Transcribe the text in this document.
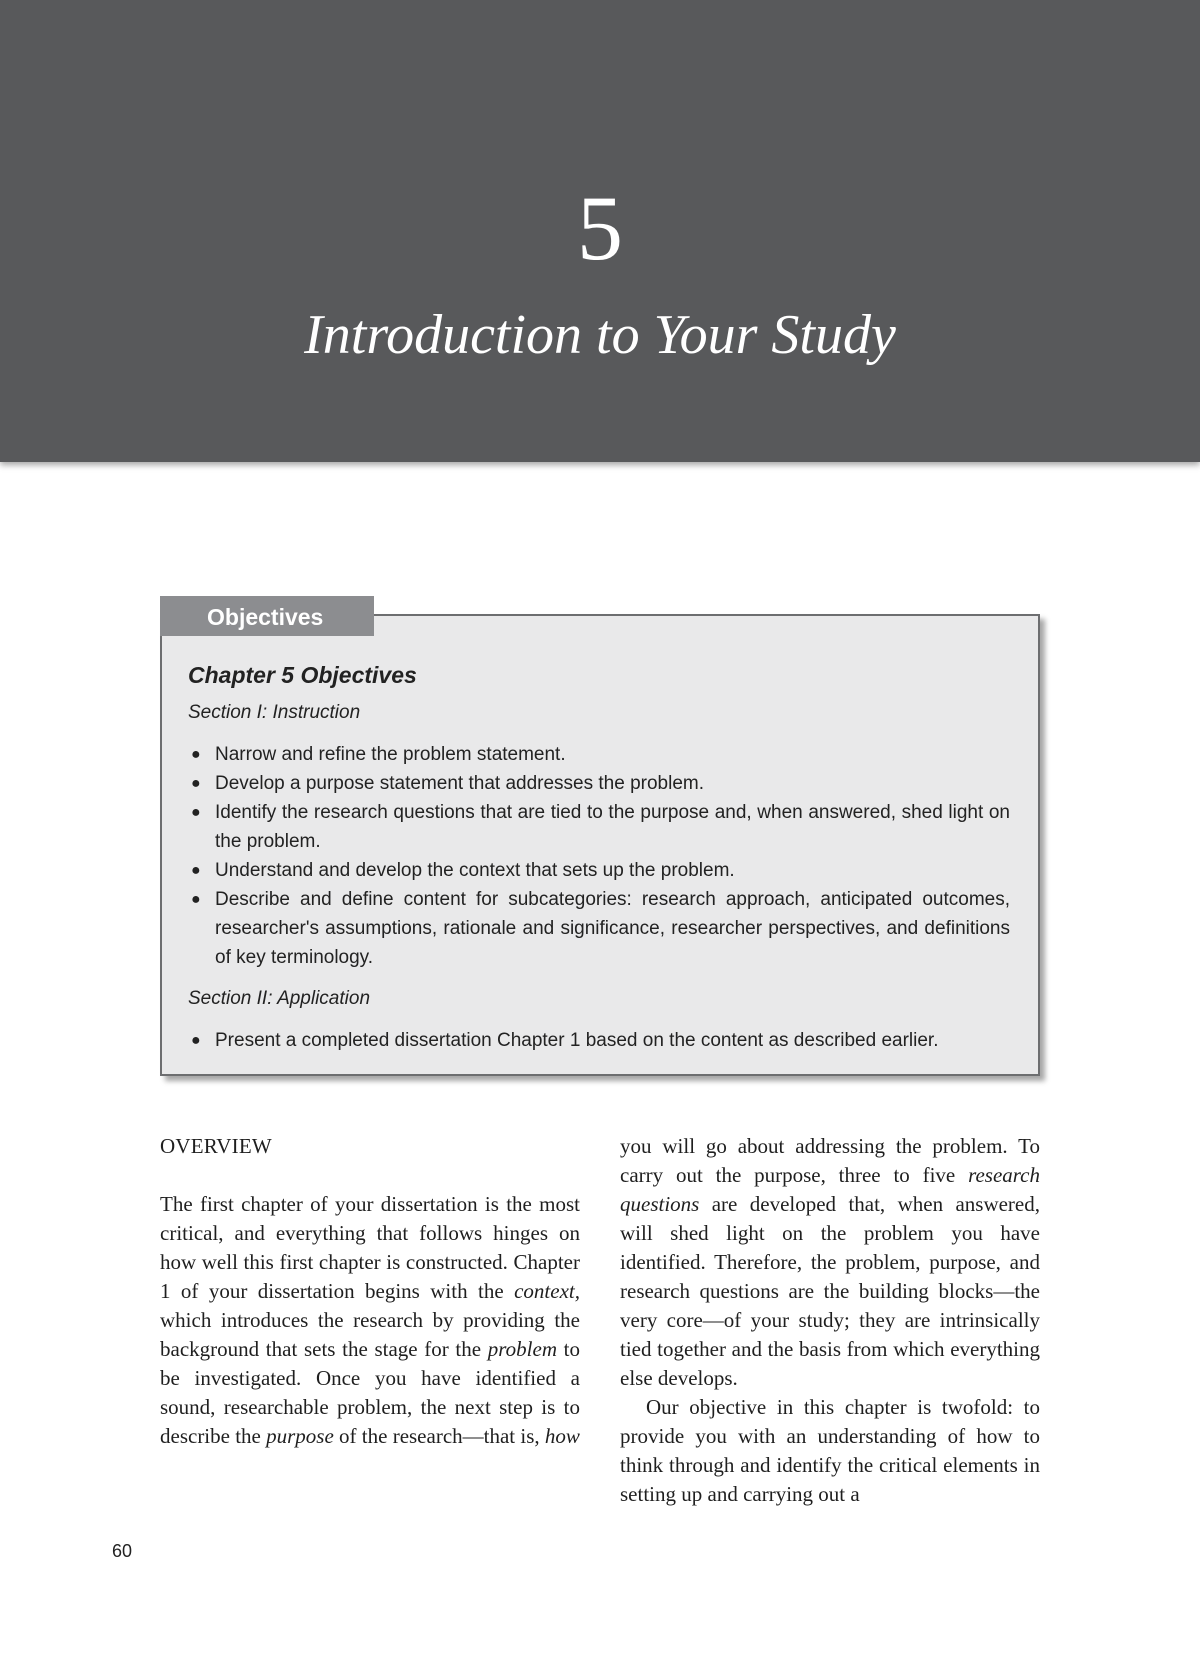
5
Introduction to Your Study
Chapter 5 Objectives
Section I: Instruction
● Narrow and refine the problem statement.
● Develop a purpose statement that addresses the problem.
● Identify the research questions that are tied to the purpose and, when answered, shed light on the problem.
● Understand and develop the context that sets up the problem.
● Describe and define content for subcategories: research approach, anticipated outcomes, researcher's assumptions, rationale and significance, researcher perspectives, and definitions of key terminology.
Section II: Application
● Present a completed dissertation Chapter 1 based on the content as described earlier.
Objectives
OVERVIEW

The first chapter of your dissertation is the most critical, and everything that follows hinges on how well this first chapter is constructed. Chapter 1 of your dissertation begins with the context, which introduces the research by providing the background that sets the stage for the problem to be investigated. Once you have identified a sound, researchable problem, the next step is to describe the purpose of the research—that is, how

you will go about addressing the problem. To carry out the purpose, three to five research questions are developed that, when answered, will shed light on the problem you have identified. Therefore, the problem, purpose, and research questions are the building blocks—the very core—of your study; they are intrinsically tied together and the basis from which everything else develops.

Our objective in this chapter is twofold: to provide you with an understanding of how to think through and identify the critical elements in setting up and carrying out a

60
